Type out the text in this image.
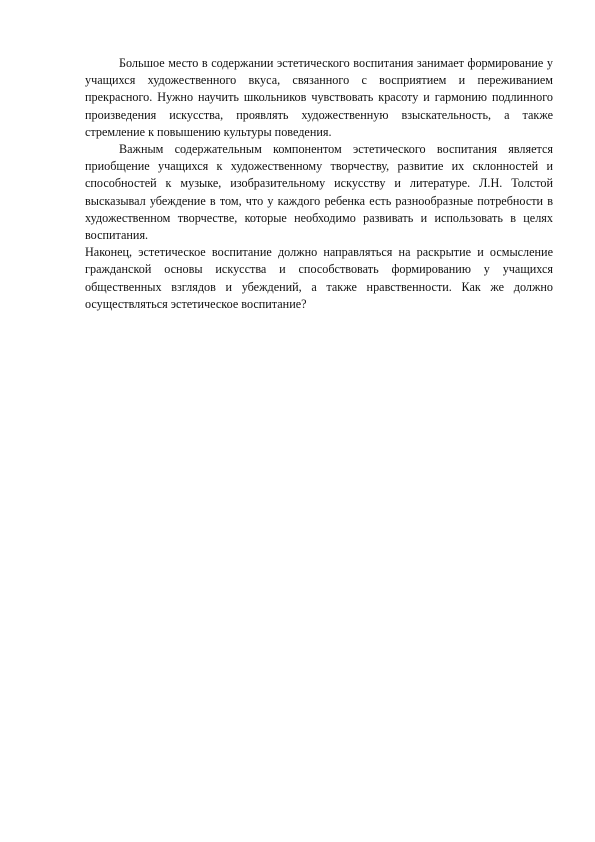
Большое место в содержании эстетического воспитания занимает формирование у учащихся художественного вкуса, связанного с восприятием и переживанием прекрасного. Нужно научить школьников чувствовать красоту и гармонию подлинного произведения искусства, проявлять художественную взыскательность, а также стремление к повышению культуры поведения.

Важным содержательным компонентом эстетического воспитания является приобщение учащихся к художественному творчеству, развитие их склонностей и способностей к музыке, изобразительному искусству и литературе. Л.Н. Толстой высказывал убеждение в том, что у каждого ребенка есть разнообразные потребности в художественном творчестве, которые необходимо развивать и использовать в целях воспитания.

Наконец, эстетическое воспитание должно направляться на раскрытие и осмысление гражданской основы искусства и способствовать формированию у учащихся общественных взглядов и убеждений, а также нравственности. Как же должно осуществляться эстетическое воспитание?
